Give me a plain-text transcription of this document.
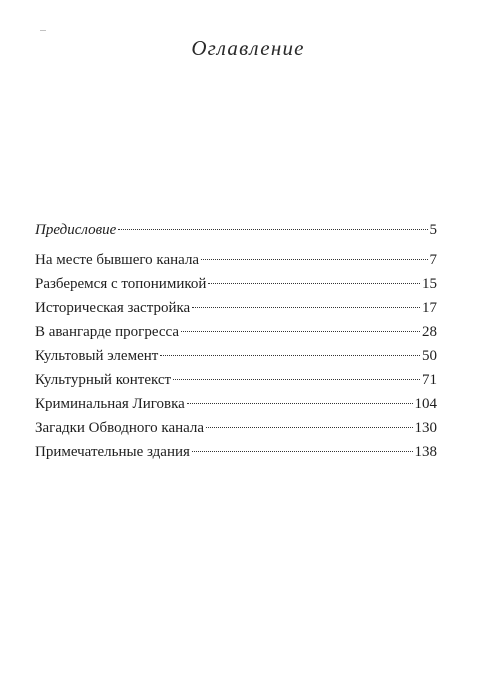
Оглавление
Предисловие	5
На месте бывшего канала	7
Разберемся с топонимикой	15
Историческая застройка	17
В авангарде прогресса	28
Культовый элемент	50
Культурный контекст	71
Криминальная Лиговка	104
Загадки Обводного канала	130
Примечательные здания	138
